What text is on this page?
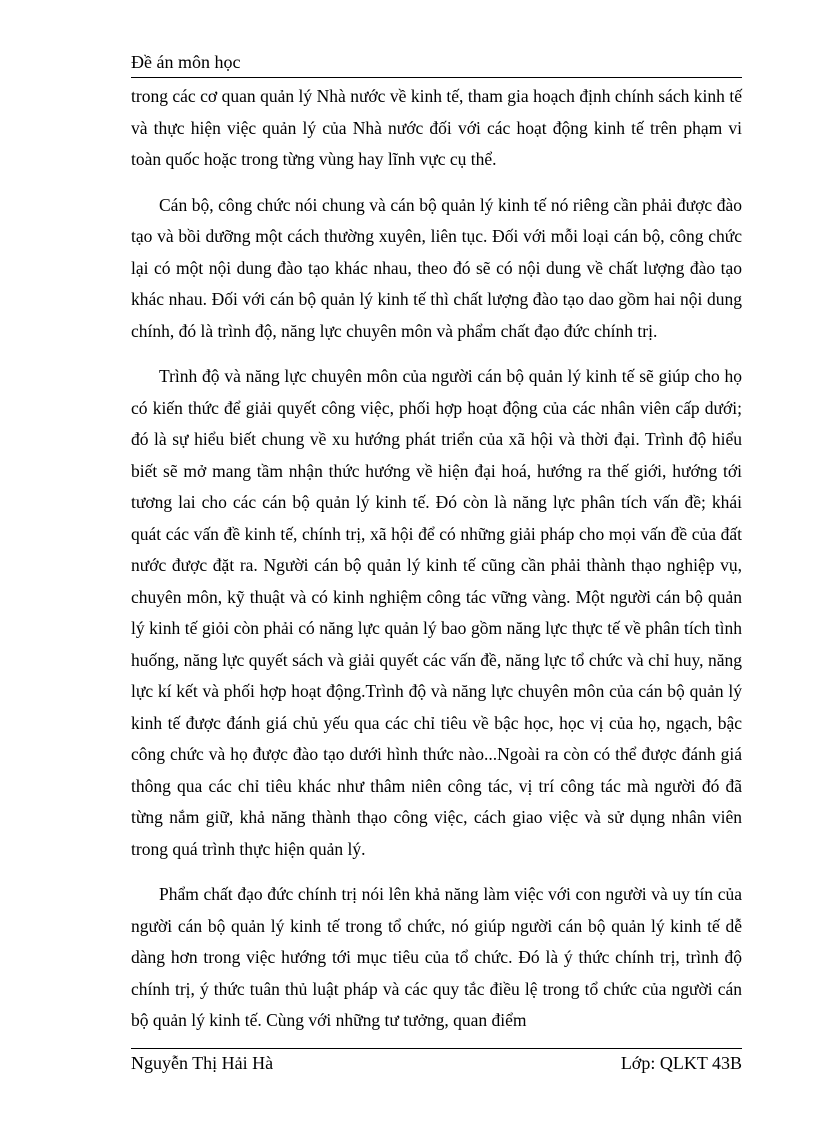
Đề án môn học

trong các cơ quan quản lý Nhà nước về kinh tế, tham gia hoạch định chính sách kinh tế và thực hiện việc quản lý của Nhà nước đối với các hoạt động kinh tế trên phạm vi toàn quốc hoặc trong từng vùng hay lĩnh vực cụ thể.

Cán bộ, công chức nói chung và cán bộ quản lý kinh tế nó riêng cần phải được đào tạo và bồi dưỡng một cách thường xuyên, liên tục. Đối với mỗi loại cán bộ, công chức lại có một nội dung đào tạo khác nhau, theo đó sẽ có nội dung về chất lượng đào tạo khác nhau. Đối với cán bộ quản lý kinh tế thì chất lượng đào tạo dao gồm hai nội dung chính, đó là trình độ, năng lực chuyên môn và phẩm chất đạo đức chính trị.

Trình độ và năng lực chuyên môn của người cán bộ quản lý kinh tế sẽ giúp cho họ có kiến thức để giải quyết công việc, phối hợp hoạt động của các nhân viên cấp dưới; đó là sự hiểu biết chung về xu hướng phát triển của xã hội và thời đại. Trình độ hiểu biết sẽ mở mang tầm nhận thức hướng về hiện đại hoá, hướng ra thế giới, hướng tới tương lai cho các cán bộ quản lý kinh tế. Đó còn là năng lực phân tích vấn đề; khái quát các vấn đề kinh tế, chính trị, xã hội để có những giải pháp cho mọi vấn đề của đất nước được đặt ra. Người cán bộ quản lý kinh tế cũng cần phải thành thạo nghiệp vụ, chuyên môn, kỹ thuật và có kinh nghiệm công tác vững vàng. Một người cán bộ quản lý kinh tế giỏi còn phải có năng lực quản lý bao gồm năng lực thực tế về phân tích tình huống, năng lực quyết sách và giải quyết các vấn đề, năng lực tổ chức và chỉ huy, năng lực kí kết và phối hợp hoạt động.Trình độ và năng lực chuyên môn của cán bộ quản lý kinh tế được đánh giá chủ yếu qua các chỉ tiêu về bậc học, học vị của họ, ngạch, bậc công chức và họ được đào tạo dưới hình thức nào...Ngoài ra còn có thể được đánh giá thông qua các chỉ tiêu khác như thâm niên công tác, vị trí công tác mà người đó đã từng nắm giữ, khả năng thành thạo công việc, cách giao việc và sử dụng nhân viên trong quá trình thực hiện quản lý.

Phẩm chất đạo đức chính trị nói lên khả năng làm việc với con người và uy tín của người cán bộ quản lý kinh tế trong tổ chức, nó giúp người cán bộ quản lý kinh tế dễ dàng hơn trong việc hướng tới mục tiêu của tổ chức. Đó là ý thức chính trị, trình độ chính trị, ý thức tuân thủ luật pháp và các quy tắc điều lệ trong tổ chức của người cán bộ quản lý kinh tế. Cùng với những tư tưởng, quan điểm

Nguyễn Thị Hải Hà	Lớp: QLKT 43B
